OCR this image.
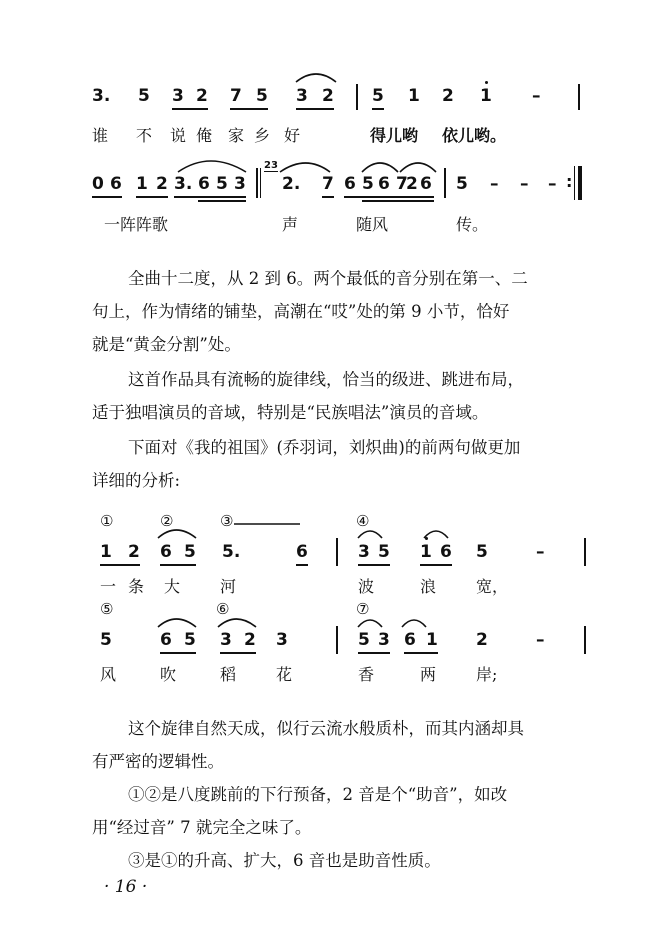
3. 5 3 2 7 5 3 2 5 1 2 1 –
谁 不 说 俺 家 乡 好	得儿哟 依儿哟。
0 6 1 2 3. 6 5 3
23
2. 7 6 5 6 7
2 6 5 – – – :
一阵阵歌	声	随风	传。
全曲十二度，从 2 到 6。两个最低的音分别在第一、二
句上，作为情绪的铺垫，高潮在“哎”处的第 9 小节，恰好
就是“黄金分割”处。
这首作品具有流畅的旋律线，恰当的级进、跳进布局，
适于独唱演员的音域，特别是“民族唱法”演员的音域。
下面对《我的祖国》(乔羽词，刘炽曲)的前两句做更加
详细的分析:
①	②	③	④
1 2 6 5 5.	6	3 5 1 6 5	–
一 条 大 河	波	浪 宽，
⑤	⑥	⑦
5	6 5 3 2 3	5 3 6 1 2	–
风	吹	稻 花	香	两 岸;
这个旋律自然天成，似行云流水般质朴，而其内涵却具
有严密的逻辑性。
①②是八度跳前的下行预备，2 音是个“助音”，如改
用“经过音” 7 就完全之味了。
③是①的升高、扩大，6 音也是助音性质。
· 16 ·
